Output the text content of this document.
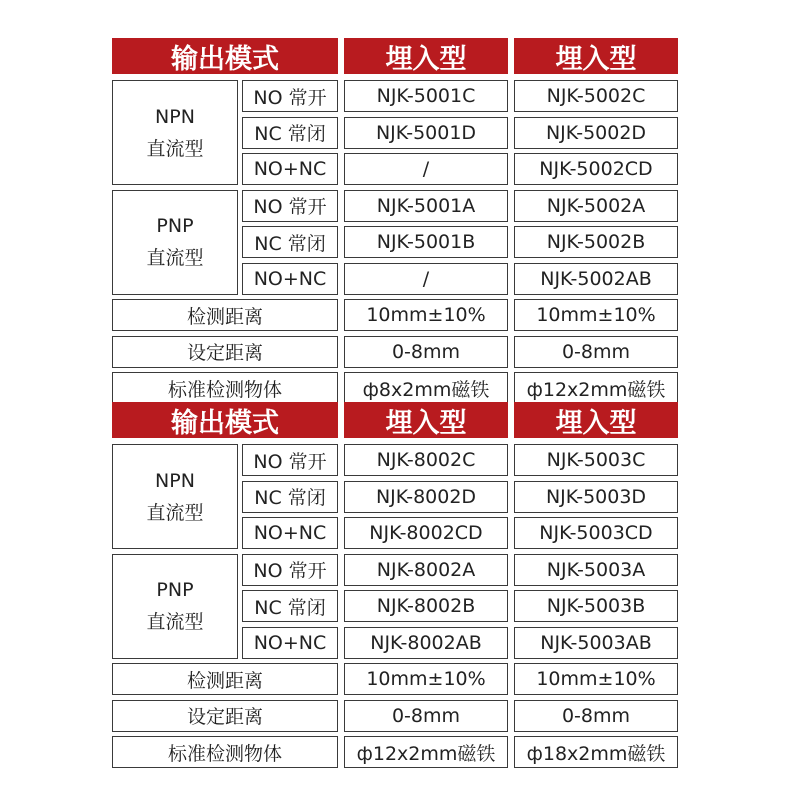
输出模式	埋入型	埋入型
NPN
直流型
NO 常开	NJK-5001C	NJK-5002C
NC 常闭	NJK-5001D	NJK-5002D
NO+NC	/	NJK-5002CD
PNP
直流型
NO 常开	NJK-5001A	NJK-5002A
NC 常闭	NJK-5001B	NJK-5002B
NO+NC	/	NJK-5002AB
检测距离	10mm±10%	10mm±10%
设定距离	0-8mm	0-8mm
标准检测物体	ф8x2mm磁铁	ф12x2mm磁铁
输出模式	埋入型	埋入型
NPN
直流型
NO 常开	NJK-8002C	NJK-5003C
NC 常闭	NJK-8002D	NJK-5003D
NO+NC	NJK-8002CD	NJK-5003CD
PNP
直流型
NO 常开	NJK-8002A	NJK-5003A
NC 常闭	NJK-8002B	NJK-5003B
NO+NC	NJK-8002AB	NJK-5003AB
检测距离	10mm±10%	10mm±10%
设定距离	0-8mm	0-8mm
标准检测物体	ф12x2mm磁铁	ф18x2mm磁铁
